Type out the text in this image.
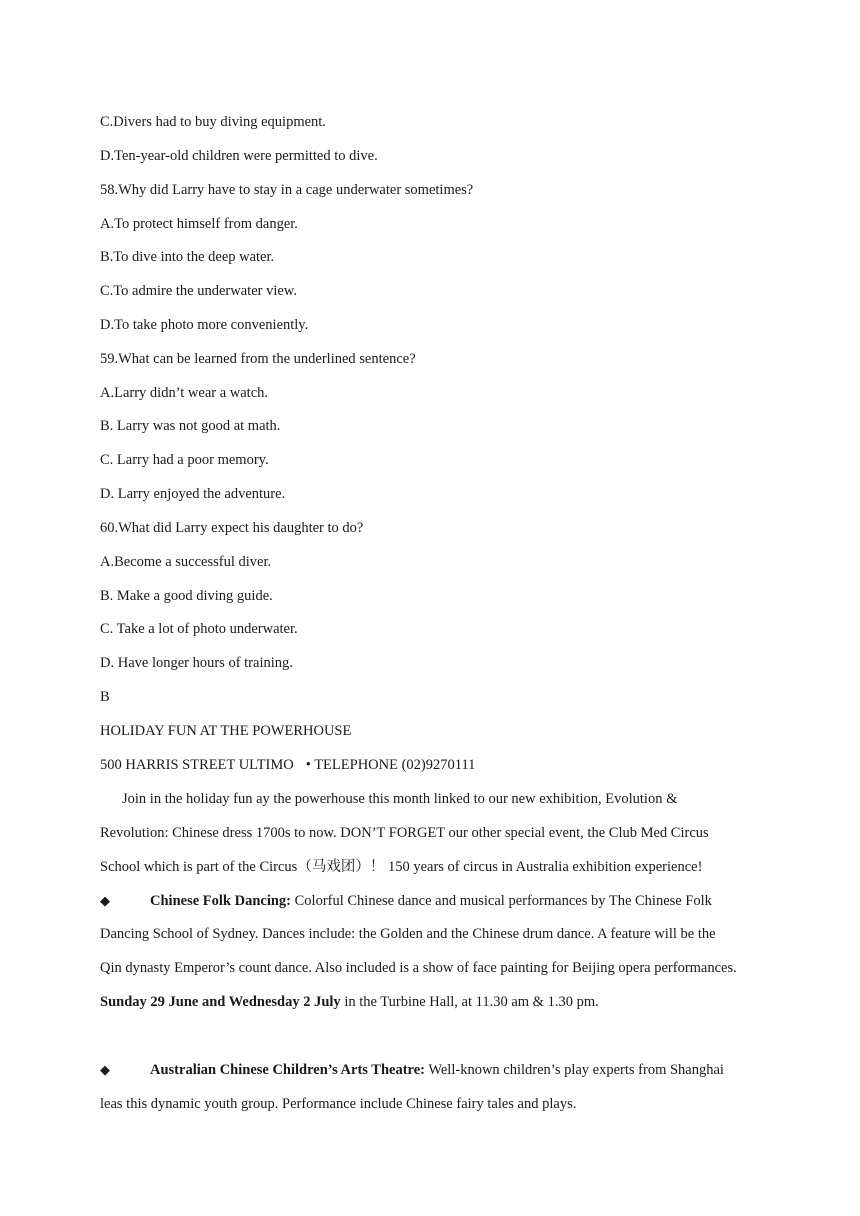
C.Divers had to buy diving equipment.
D.Ten-year-old children were permitted to dive.
58.Why did Larry have to stay in a cage underwater sometimes?
A.To protect himself from danger.
B.To dive into the deep water.
C.To admire the underwater view.
D.To take photo more conveniently.
59.What can be learned from the underlined sentence?
A.Larry didn’t wear a watch.
B. Larry was not good at math.
C. Larry had a poor memory.
D. Larry enjoyed the adventure.
60.What did Larry expect his daughter to do?
A.Become a successful diver.
B. Make a good diving guide.
C. Take a lot of photo underwater.
D. Have longer hours of training.
B
HOLIDAY FUN AT THE POWERHOUSE
500 HARRIS STREET ULTIMO • TELEPHONE (02)9270111
Join in the holiday fun ay the powerhouse this month linked to our new exhibition, Evolution &
Revolution: Chinese dress 1700s to now. DON’T FORGET our other special event, the Club Med Circus
School which is part of the Circus（马戏团）！ 150 years of circus in Australia exhibition experience!
◆	Chinese Folk Dancing: Colorful Chinese dance and musical performances by The Chinese Folk
Dancing School of Sydney. Dances include: the Golden and the Chinese drum dance. A feature will be the
Qin dynasty Emperor’s count dance. Also included is a show of face painting for Beijing opera performances.
Sunday 29 June and Wednesday 2 July in the Turbine Hall, at 11.30 am & 1.30 pm.
◆	Australian Chinese Children’s Arts Theatre: Well-known children’s play experts from Shanghai
leas this dynamic youth group. Performance include Chinese fairy tales and plays.
